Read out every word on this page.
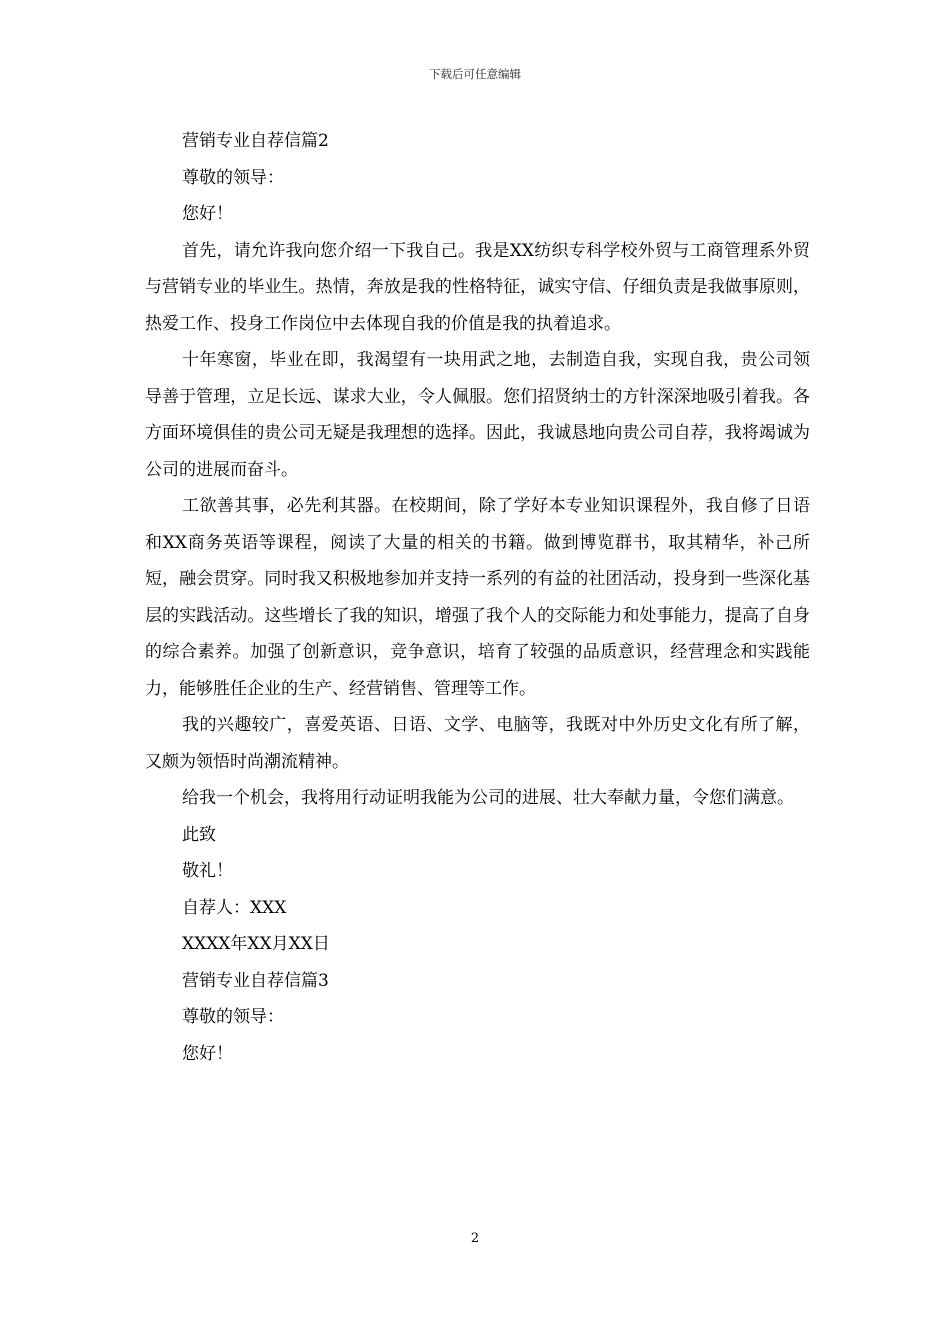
下载后可任意编辑

营销专业自荐信篇2

尊敬的领导：

您好！

首先，请允许我向您介绍一下我自己。我是XX纺织专科学校外贸与工商管理系外贸与营销专业的毕业生。热情，奔放是我的性格特征，诚实守信、仔细负责是我做事原则，热爱工作、投身工作岗位中去体现自我的价值是我的执着追求。

十年寒窗，毕业在即，我渴望有一块用武之地，去制造自我，实现自我，贵公司领导善于管理，立足长远、谋求大业，令人佩服。您们招贤纳士的方针深深地吸引着我。各方面环境俱佳的贵公司无疑是我理想的选择。因此，我诚恳地向贵公司自荐，我将竭诚为公司的进展而奋斗。

工欲善其事，必先利其器。在校期间，除了学好本专业知识课程外，我自修了日语和XX商务英语等课程，阅读了大量的相关的书籍。做到博览群书，取其精华，补己所短，融会贯穿。同时我又积极地参加并支持一系列的有益的社团活动，投身到一些深化基层的实践活动。这些增长了我的知识，增强了我个人的交际能力和处事能力，提高了自身的综合素养。加强了创新意识，竞争意识，培育了较强的品质意识，经营理念和实践能力，能够胜任企业的生产、经营销售、管理等工作。

我的兴趣较广，喜爱英语、日语、文学、电脑等，我既对中外历史文化有所了解，又颇为领悟时尚潮流精神。

给我一个机会，我将用行动证明我能为公司的进展、壮大奉献力量，令您们满意。

此致

敬礼！

自荐人：XXX

XXXX年XX月XX日

营销专业自荐信篇3

尊敬的领导：

您好！

2
